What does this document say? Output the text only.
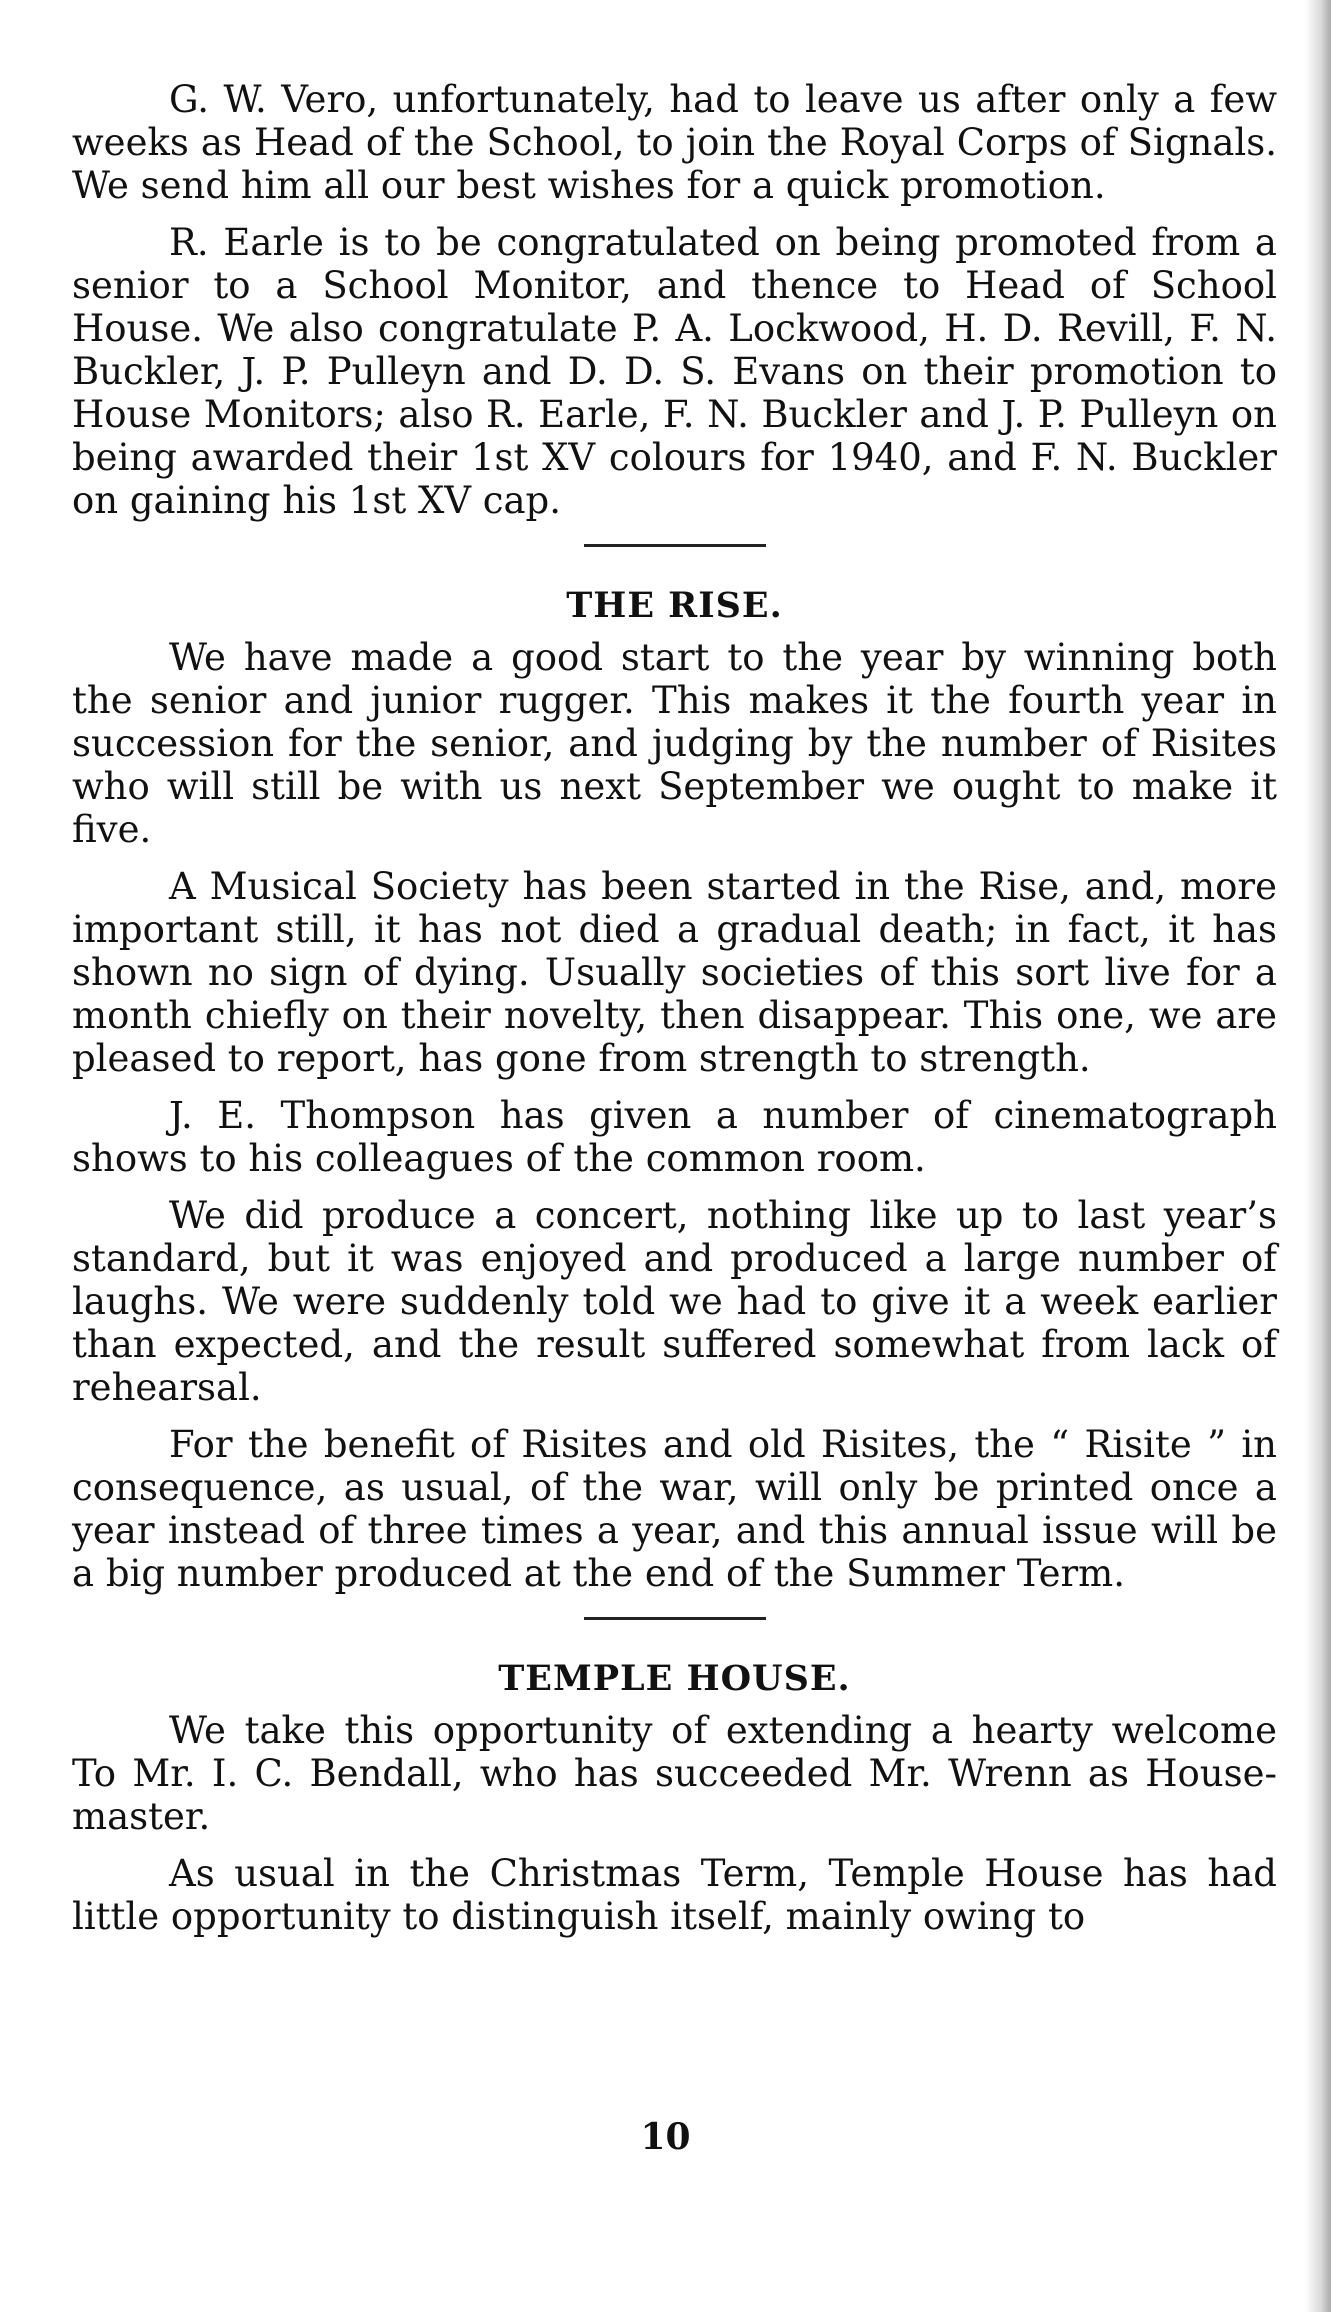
G. W. Vero, unfortunately, had to leave us after only a few weeks as Head of the School, to join the Royal Corps of Signals. We send him all our best wishes for a quick promotion.

R. Earle is to be congratulated on being promoted from a senior to a School Monitor, and thence to Head of School House. We also congratulate P. A. Lockwood, H. D. Revill, F. N. Buckler, J. P. Pulleyn and D. D. S. Evans on their promotion to House Monitors; also R. Earle, F. N. Buckler and J. P. Pulleyn on being awarded their 1st XV colours for 1940, and F. N. Buckler on gaining his 1st XV cap.

THE RISE.

We have made a good start to the year by winning both the senior and junior rugger. This makes it the fourth year in succession for the senior, and judging by the number of Risites who will still be with us next September we ought to make it five.

A Musical Society has been started in the Rise, and, more important still, it has not died a gradual death; in fact, it has shown no sign of dying. Usually societies of this sort live for a month chiefly on their novelty, then disappear. This one, we are pleased to report, has gone from strength to strength.

J. E. Thompson has given a number of cinematograph shows to his colleagues of the common room.

We did produce a concert, nothing like up to last year’s standard, but it was enjoyed and produced a large number of laughs. We were suddenly told we had to give it a week earlier than expected, and the result suffered somewhat from lack of rehearsal.

For the benefit of Risites and old Risites, the “ Risite ” in consequence, as usual, of the war, will only be printed once a year instead of three times a year, and this annual issue will be a big number produced at the end of the Summer Term.

TEMPLE HOUSE.

We take this opportunity of extending a hearty welcome To Mr. I. C. Bendall, who has succeeded Mr. Wrenn as House-master.

As usual in the Christmas Term, Temple House has had little opportunity to distinguish itself, mainly owing to

10
